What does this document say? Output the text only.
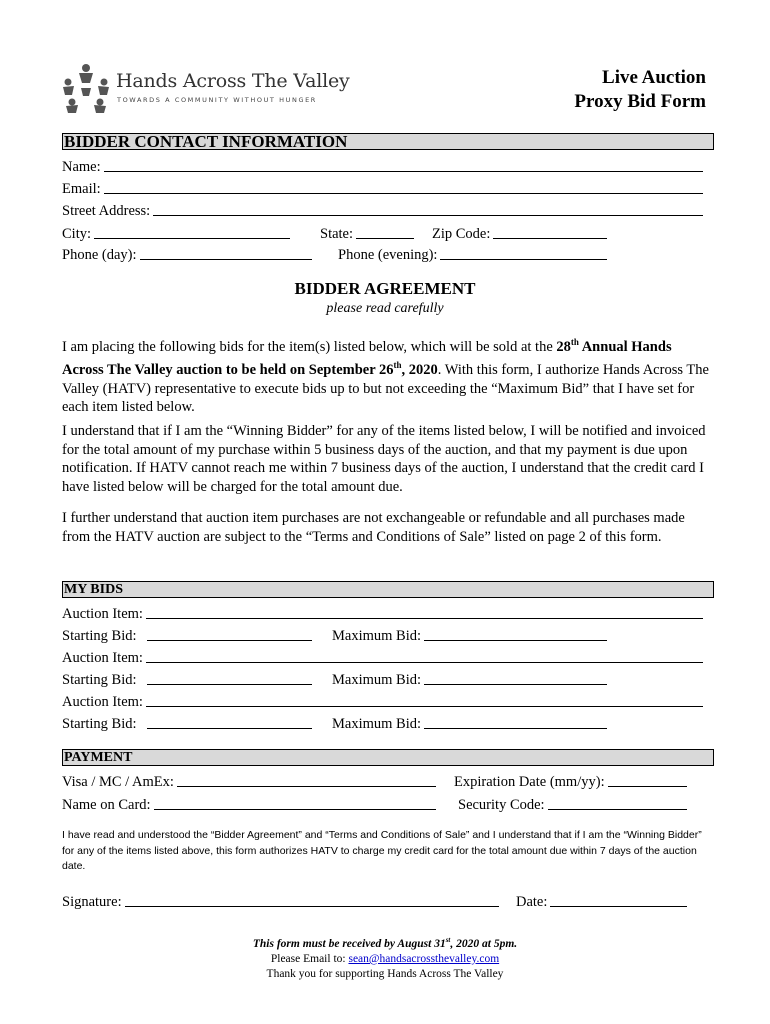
Hands Across The Valley
TOWARDS A COMMUNITY WITHOUT HUNGER
Live Auction
Proxy Bid Form
BIDDER CONTACT INFORMATION
Name:
Email:
Street Address:
City:	State:	Zip Code:
Phone (day):	Phone (evening):
BIDDER AGREEMENT
please read carefully
I am placing the following bids for the item(s) listed below, which will be sold at the 28th Annual Hands Across The Valley auction to be held on September 26th, 2020. With this form, I authorize Hands Across The Valley (HATV) representative to execute bids up to but not exceeding the “Maximum Bid” that I have set for each item listed below.
I understand that if I am the “Winning Bidder” for any of the items listed below, I will be notified and invoiced for the total amount of my purchase within 5 business days of the auction, and that my payment is due upon notification. If HATV cannot reach me within 7 business days of the auction, I understand that the credit card I have listed below will be charged for the total amount due.
I further understand that auction item purchases are not exchangeable or refundable and all purchases made from the HATV auction are subject to the “Terms and Conditions of Sale” listed on page 2 of this form.
MY BIDS
Auction Item:
Starting Bid:	Maximum Bid:
Auction Item:
Starting Bid:	Maximum Bid:
Auction Item:
Starting Bid:	Maximum Bid:
PAYMENT
Visa / MC / AmEx:	Expiration Date (mm/yy):
Name on Card:	Security Code:
I have read and understood the “Bidder Agreement” and “Terms and Conditions of Sale” and I understand that if I am the “Winning Bidder” for any of the items listed above, this form authorizes HATV to charge my credit card for the total amount due within 7 days of the auction date.
Signature:	Date:
This form must be received by August 31st, 2020 at 5pm.
Please Email to: sean@handsacrossthevalley.com
Thank you for supporting Hands Across The Valley
